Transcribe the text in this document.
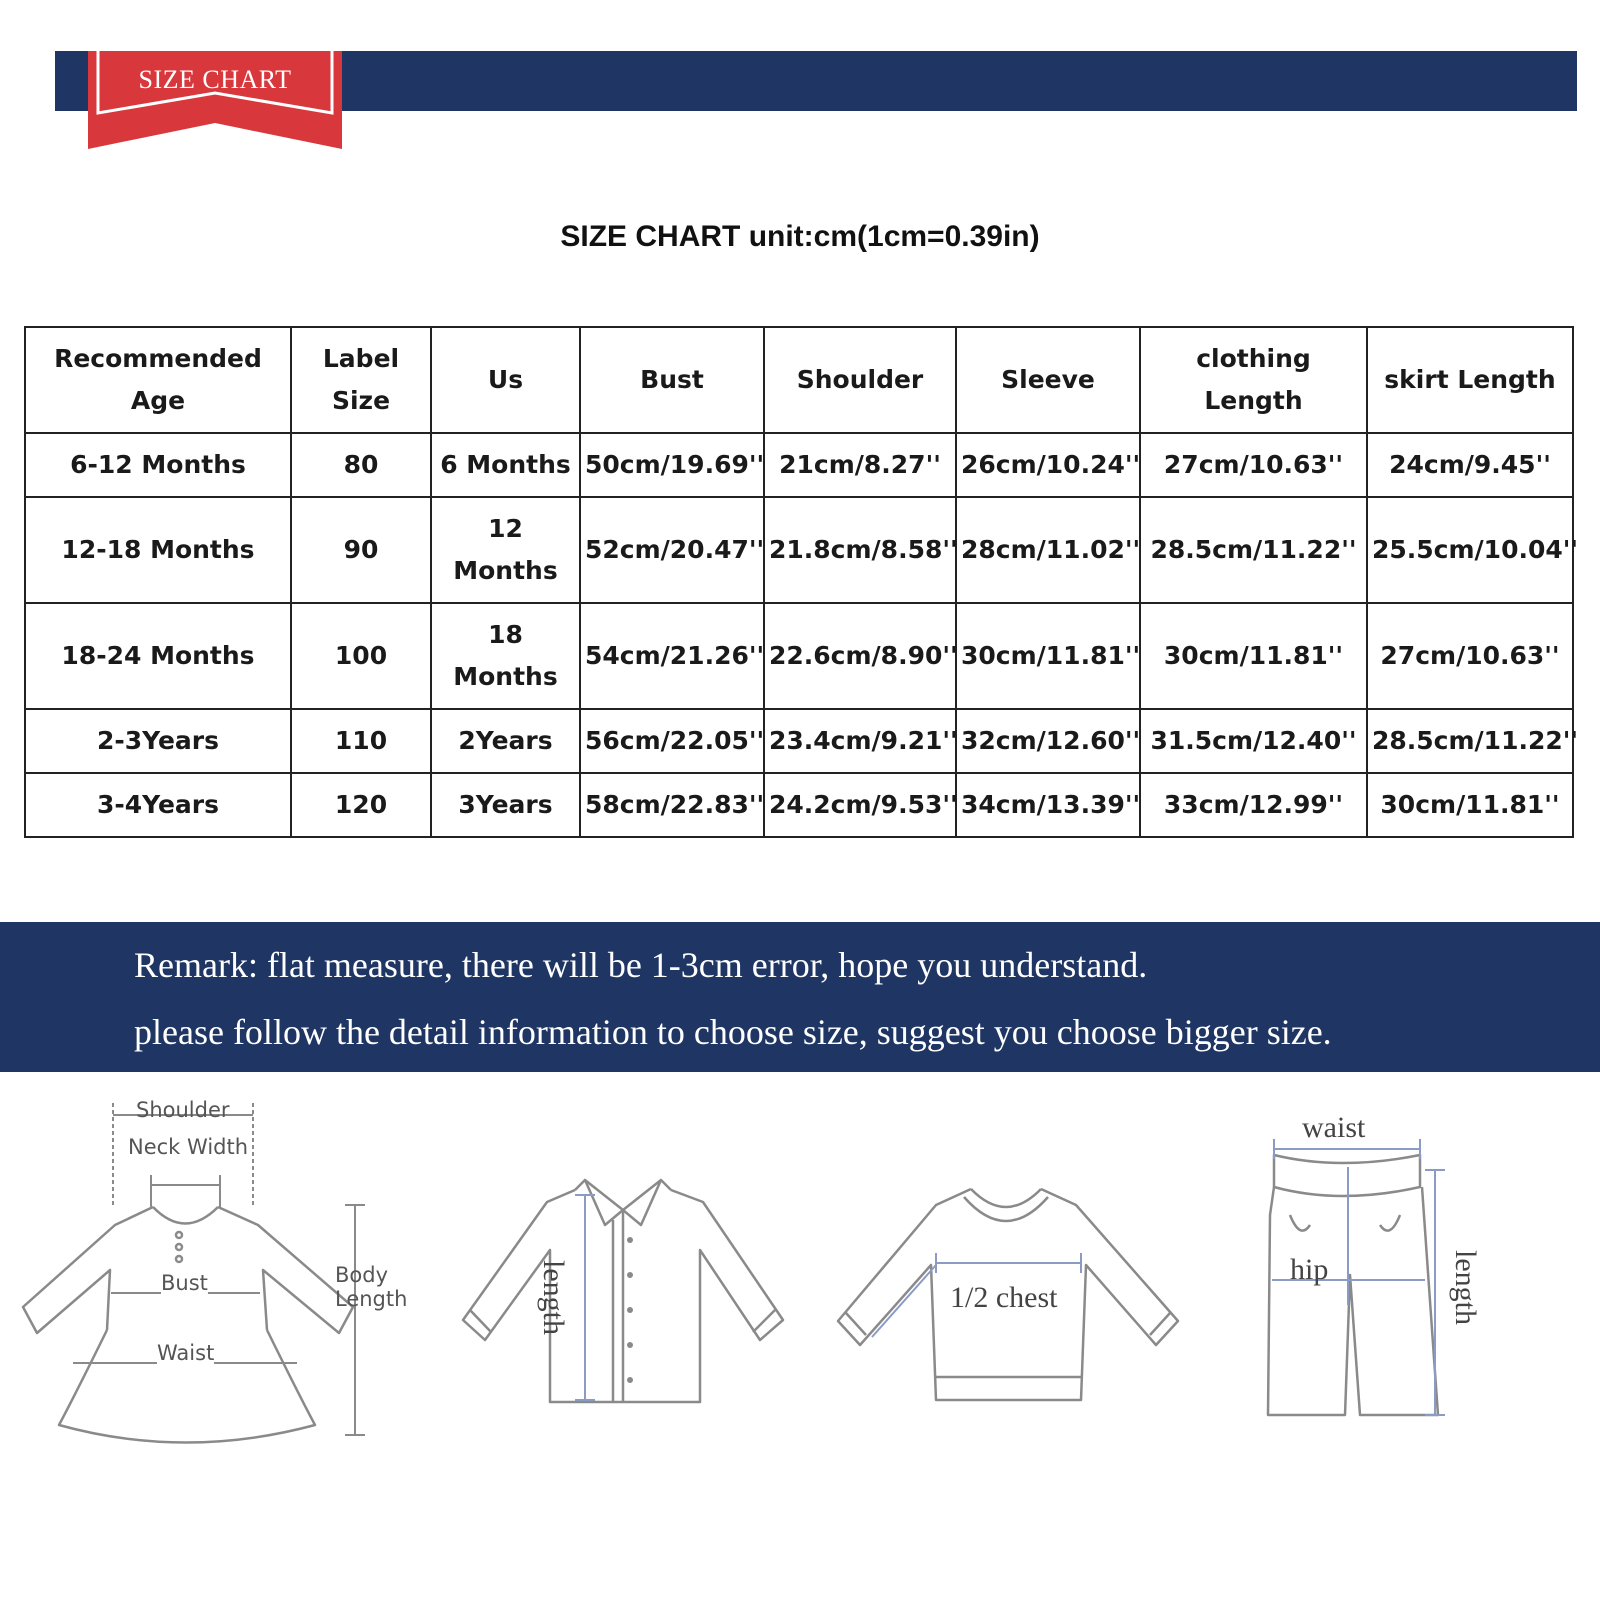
SIZE CHART
SIZE CHART unit:cm(1cm=0.39in)
Recommended Age	Label Size	Us	Bust	Shoulder	Sleeve	clothing Length	skirt Length
6-12 Months	80	6 Months	50cm/19.69''	21cm/8.27''	26cm/10.24''	27cm/10.63''	24cm/9.45''
12-18 Months	90	12 Months	52cm/20.47''	21.8cm/8.58''	28cm/11.02''	28.5cm/11.22''	25.5cm/10.04''
18-24 Months	100	18 Months	54cm/21.26''	22.6cm/8.90''	30cm/11.81''	30cm/11.81''	27cm/10.63''
2-3Years	110	2Years	56cm/22.05''	23.4cm/9.21''	32cm/12.60''	31.5cm/12.40''	28.5cm/11.22''
3-4Years	120	3Years	58cm/22.83''	24.2cm/9.53''	34cm/13.39''	33cm/12.99''	30cm/11.81''
Remark: flat measure, there will be 1-3cm error, hope you understand.
please follow the detail information to choose size, suggest you choose bigger size.
Shoulder
Neck Width
Bust
Waist
Body
Length	length	1/2 chest
waist
hip	length
